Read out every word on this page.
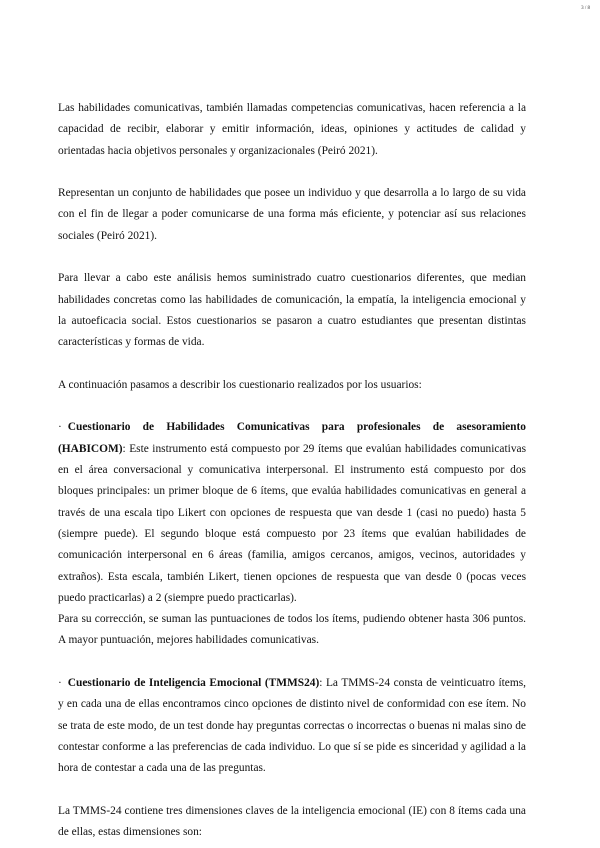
3 / 8

Las habilidades comunicativas, también llamadas competencias comunicativas, hacen referencia a la capacidad de recibir, elaborar y emitir información, ideas, opiniones y actitudes de calidad y orientadas hacia objetivos personales y organizacionales (Peiró 2021).

Representan un conjunto de habilidades que posee un individuo y que desarrolla a lo largo de su vida con el fin de llegar a poder comunicarse de una forma más eficiente, y potenciar así sus relaciones sociales (Peiró 2021).

Para llevar a cabo este análisis hemos suministrado cuatro cuestionarios diferentes, que median habilidades concretas como las habilidades de comunicación, la empatía, la inteligencia emocional y la autoeficacia social. Estos cuestionarios se pasaron a cuatro estudiantes que presentan distintas características y formas de vida.

A continuación pasamos a describir los cuestionario realizados por los usuarios:

· Cuestionario de Habilidades Comunicativas para profesionales de asesoramiento (HABICOM): Este instrumento está compuesto por 29 ítems que evalúan habilidades comunicativas en el área conversacional y comunicativa interpersonal. El instrumento está compuesto por dos bloques principales: un primer bloque de 6 ítems, que evalúa habilidades comunicativas en general a través de una escala tipo Likert con opciones de respuesta que van desde 1 (casi no puedo) hasta 5 (siempre puede). El segundo bloque está compuesto por 23 ítems que evalúan habilidades de comunicación interpersonal en 6 áreas (familia, amigos cercanos, amigos, vecinos, autoridades y extraños). Esta escala, también Likert, tienen opciones de respuesta que van desde 0 (pocas veces puedo practicarlas) a 2 (siempre puedo practicarlas).

Para su corrección, se suman las puntuaciones de todos los ítems, pudiendo obtener hasta 306 puntos. A mayor puntuación, mejores habilidades comunicativas.

· Cuestionario de Inteligencia Emocional (TMMS24): La TMMS-24 consta de veinticuatro ítems, y en cada una de ellas encontramos cinco opciones de distinto nivel de conformidad con ese ítem. No se trata de este modo, de un test donde hay preguntas correctas o incorrectas o buenas ni malas sino de contestar conforme a las preferencias de cada individuo. Lo que sí se pide es sinceridad y agilidad a la hora de contestar a cada una de las preguntas.

La TMMS-24 contiene tres dimensiones claves de la inteligencia emocional (IE) con 8 ítems cada una de ellas, estas dimensiones son:
